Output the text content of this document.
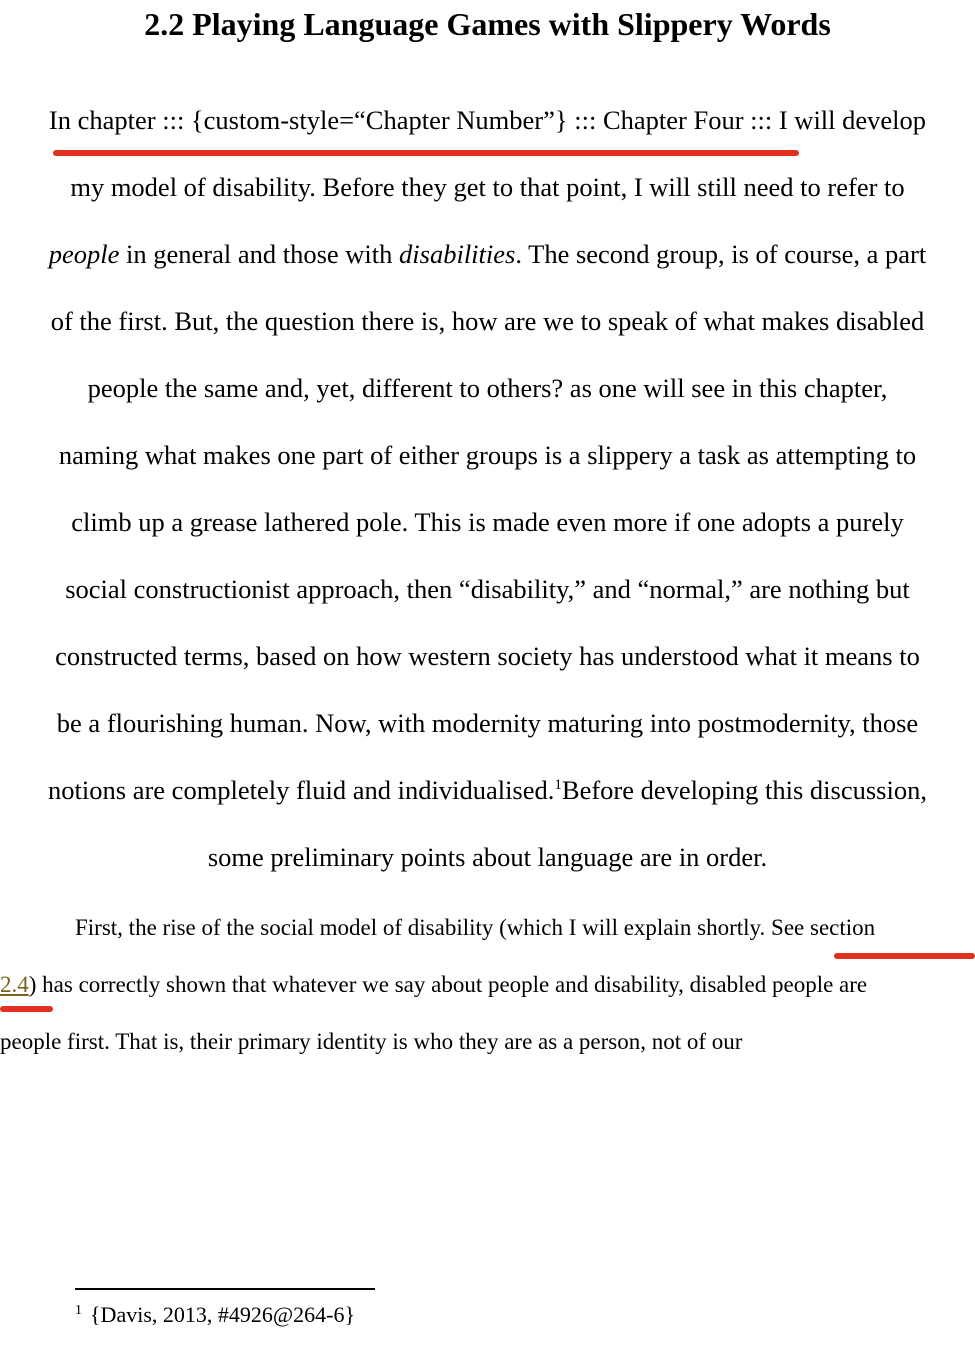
2.2 Playing Language Games with Slippery Words
In chapter ::: {custom-style=“Chapter Number”} ::: Chapter Four ::: I will develop
my model of disability. Before they get to that point, I will still need to refer to
people in general and those with disabilities. The second group, is of course, a part
of the first. But, the question there is, how are we to speak of what makes disabled
people the same and, yet, different to others? as one will see in this chapter,
naming what makes one part of either groups is a slippery a task as attempting to
climb up a grease lathered pole. This is made even more if one adopts a purely
social constructionist approach, then “disability,” and “normal,” are nothing but
constructed terms, based on how western society has understood what it means to
be a flourishing human. Now, with modernity maturing into postmodernity, those
notions are completely fluid and individualised.$^1$Before developing this discussion,
some preliminary points about language are in order.
First, the rise of the social model of disability (which I will explain shortly. See section
2.4) has correctly shown that whatever we say about people and disability, disabled people are
people first. That is, their primary identity is who they are as a person, not of our

$^1$ {Davis, 2013, #4926@264-6}
